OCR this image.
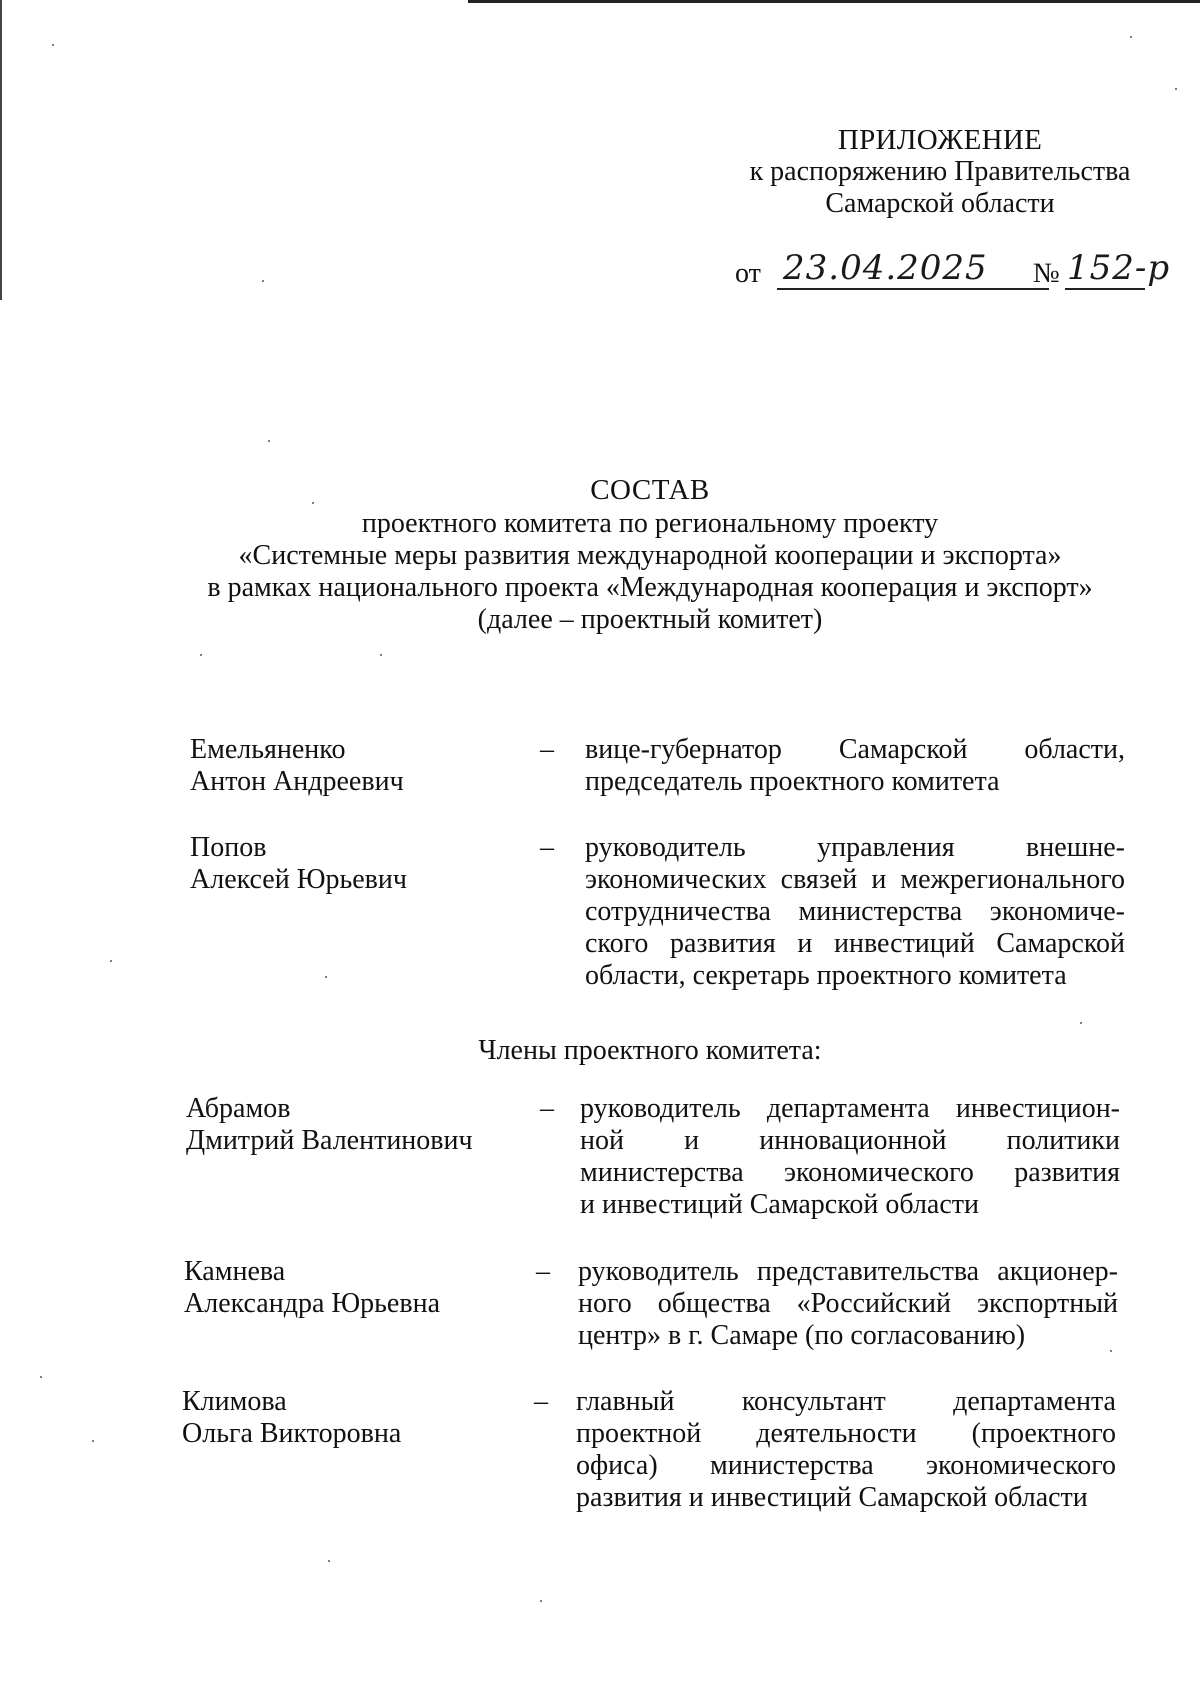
ПРИЛОЖЕНИЕ
к распоряжению Правительства
Самарской области
от 23.04.2025 № 152-р
СОСТАВ
проектного комитета по региональному проекту
«Системные меры развития международной кооперации и экспорта»
в рамках национального проекта «Международная кооперация и экспорт»
(далее – проектный комитет)
Емельяненко
Антон Андреевич
– вице-губернатор Самарской области,
председатель проектного комитета
Попов
Алексей Юрьевич
– руководитель управления внешне-
экономических связей и межрегионального
сотрудничества министерства экономиче-
ского развития и инвестиций Самарской
области, секретарь проектного комитета
Члены проектного комитета:
Абрамов
Дмитрий Валентинович
– руководитель департамента инвестицион-
ной и инновационной политики
министерства экономического развития
и инвестиций Самарской области
Камнева
Александра Юрьевна
– руководитель представительства акционер-
ного общества «Российский экспортный
центр» в г. Самаре (по согласованию)
Климова
Ольга Викторовна
– главный консультант департамента
проектной деятельности (проектного
офиса) министерства экономического
развития и инвестиций Самарской области
